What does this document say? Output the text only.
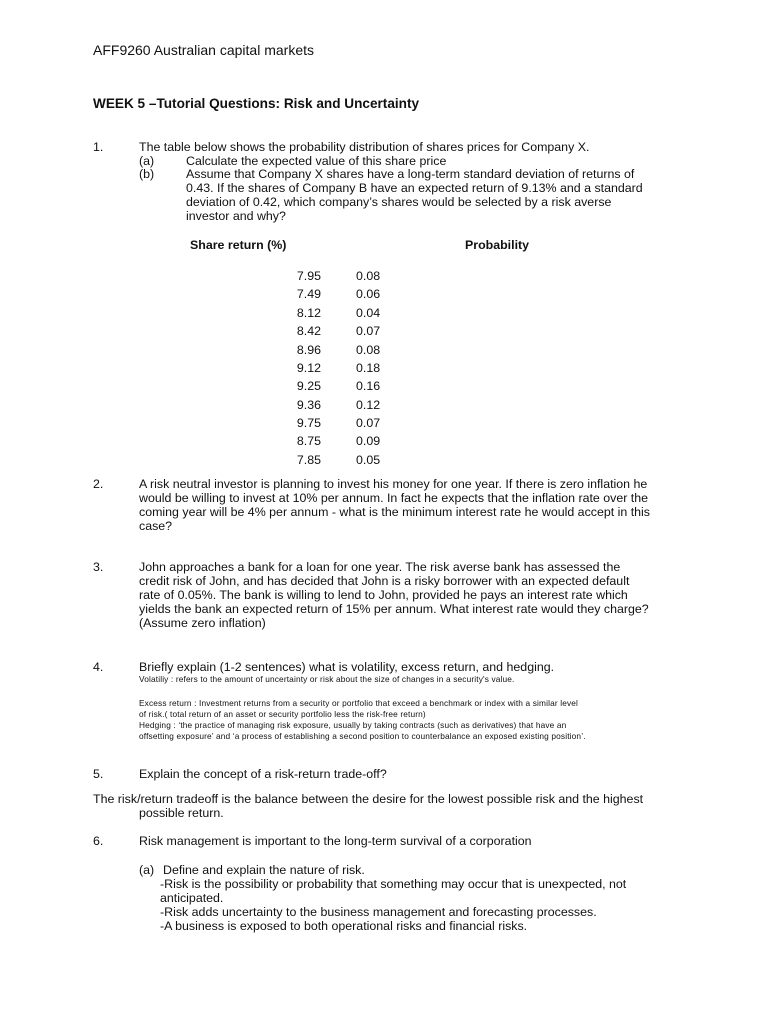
AFF9260 Australian capital markets
WEEK 5 –Tutorial Questions: Risk and Uncertainty
1.	The table below shows the probability distribution of shares prices for Company X.
(a)	Calculate the expected value of this share price
(b)	Assume that Company X shares have a long-term standard deviation of returns of
0.43. If the shares of Company B have an expected return of 9.13% and a standard
deviation of 0.42, which company’s shares would be selected by a risk averse
investor and why?
Share return (%)	Probability
7.95	0.08
7.49	0.06
8.12	0.04
8.42	0.07
8.96	0.08
9.12	0.18
9.25	0.16
9.36	0.12
9.75	0.07
8.75	0.09
7.85	0.05
2.	A risk neutral investor is planning to invest his money for one year. If there is zero inflation he
would be willing to invest at 10% per annum. In fact he expects that the inflation rate over the
coming year will be 4% per annum - what is the minimum interest rate he would accept in this
case?
3.	John approaches a bank for a loan for one year. The risk averse bank has assessed the
credit risk of John, and has decided that John is a risky borrower with an expected default
rate of 0.05%. The bank is willing to lend to John, provided he pays an interest rate which
yields the bank an expected return of 15% per annum. What interest rate would they charge?
(Assume zero inflation)
4.	Briefly explain (1-2 sentences) what is volatility, excess return, and hedging.
Volatiliy : refers to the amount of uncertainty or risk about the size of changes in a security's value.
Excess return : Investment returns from a security or portfolio that exceed a benchmark or index with a similar level
of risk.( total return of an asset or security portfolio less the risk-free return)
Hedging : ‘the practice of managing risk exposure, usually by taking contracts (such as derivatives) that have an
offsetting exposure’ and ‘a process of establishing a second position to counterbalance an exposed existing position’.
5.	Explain the concept of a risk-return trade-off?
The risk/return tradeoff is the balance between the desire for the lowest possible risk and the highest
possible return.
6.	Risk management is important to the long-term survival of a corporation
(a) Define and explain the nature of risk.
-Risk is the possibility or probability that something may occur that is unexpected, not
anticipated.
-Risk adds uncertainty to the business management and forecasting processes.
-A business is exposed to both operational risks and financial risks.
